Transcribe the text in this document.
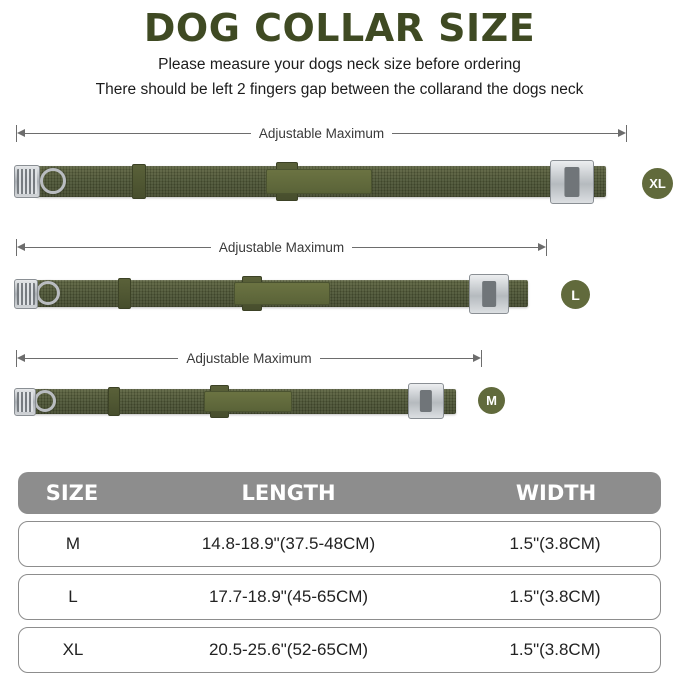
DOG COLLAR SIZE
Please measure your dogs neck size before ordering
There should be left 2 fingers gap between the collarand the dogs neck
Adjustable Maximum
XL
Adjustable Maximum
L
Adjustable Maximum
M
SIZE	LENGTH	WIDTH
M	14.8-18.9"(37.5-48CM)	1.5"(3.8CM)
L	17.7-18.9"(45-65CM)	1.5"(3.8CM)
XL	20.5-25.6"(52-65CM)	1.5"(3.8CM)
